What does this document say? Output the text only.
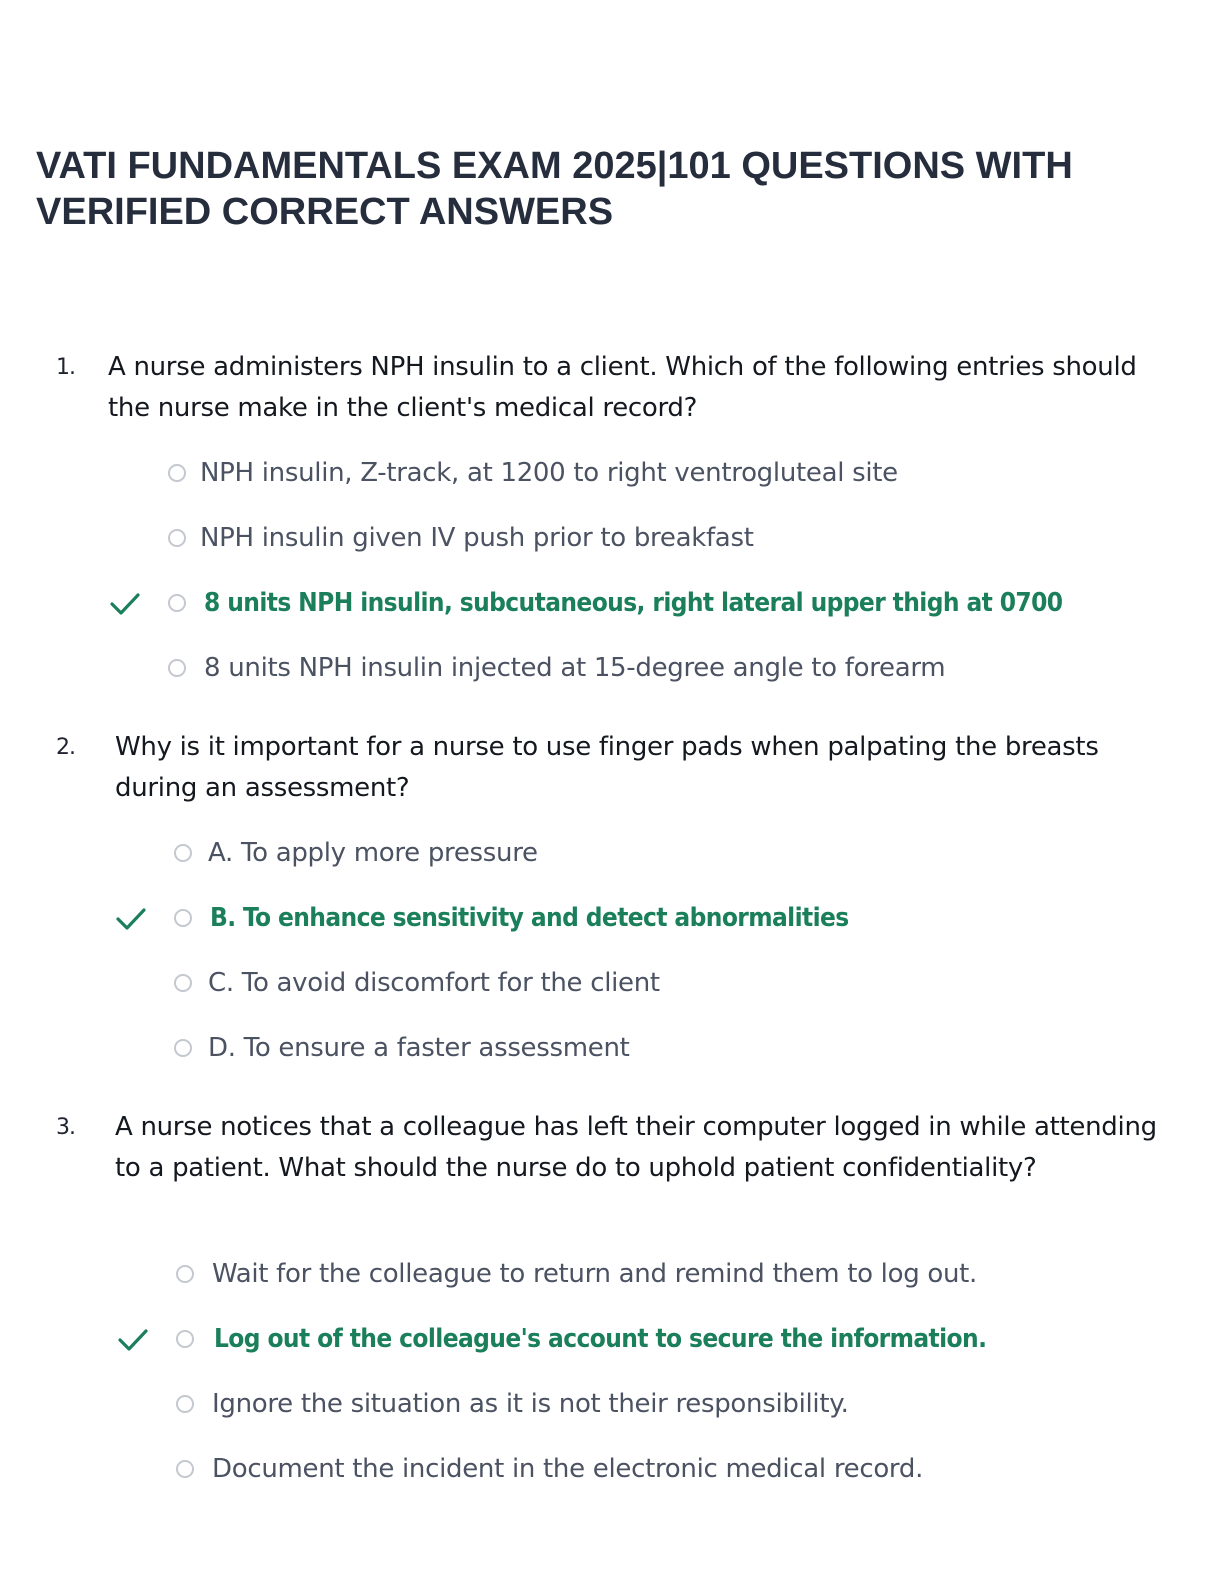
VATI FUNDAMENTALS EXAM 2025|101 QUESTIONS WITH VERIFIED CORRECT ANSWERS
1. A nurse administers NPH insulin to a client. Which of the following entries should the nurse make in the client's medical record?
NPH insulin, Z-track, at 1200 to right ventrogluteal site
NPH insulin given IV push prior to breakfast
8 units NPH insulin, subcutaneous, right lateral upper thigh at 0700
8 units NPH insulin injected at 15-degree angle to forearm
2. Why is it important for a nurse to use finger pads when palpating the breasts during an assessment?
A. To apply more pressure
B. To enhance sensitivity and detect abnormalities
C. To avoid discomfort for the client
D. To ensure a faster assessment
3. A nurse notices that a colleague has left their computer logged in while attending to a patient. What should the nurse do to uphold patient confidentiality?
Wait for the colleague to return and remind them to log out.
Log out of the colleague's account to secure the information.
Ignore the situation as it is not their responsibility.
Document the incident in the electronic medical record.
